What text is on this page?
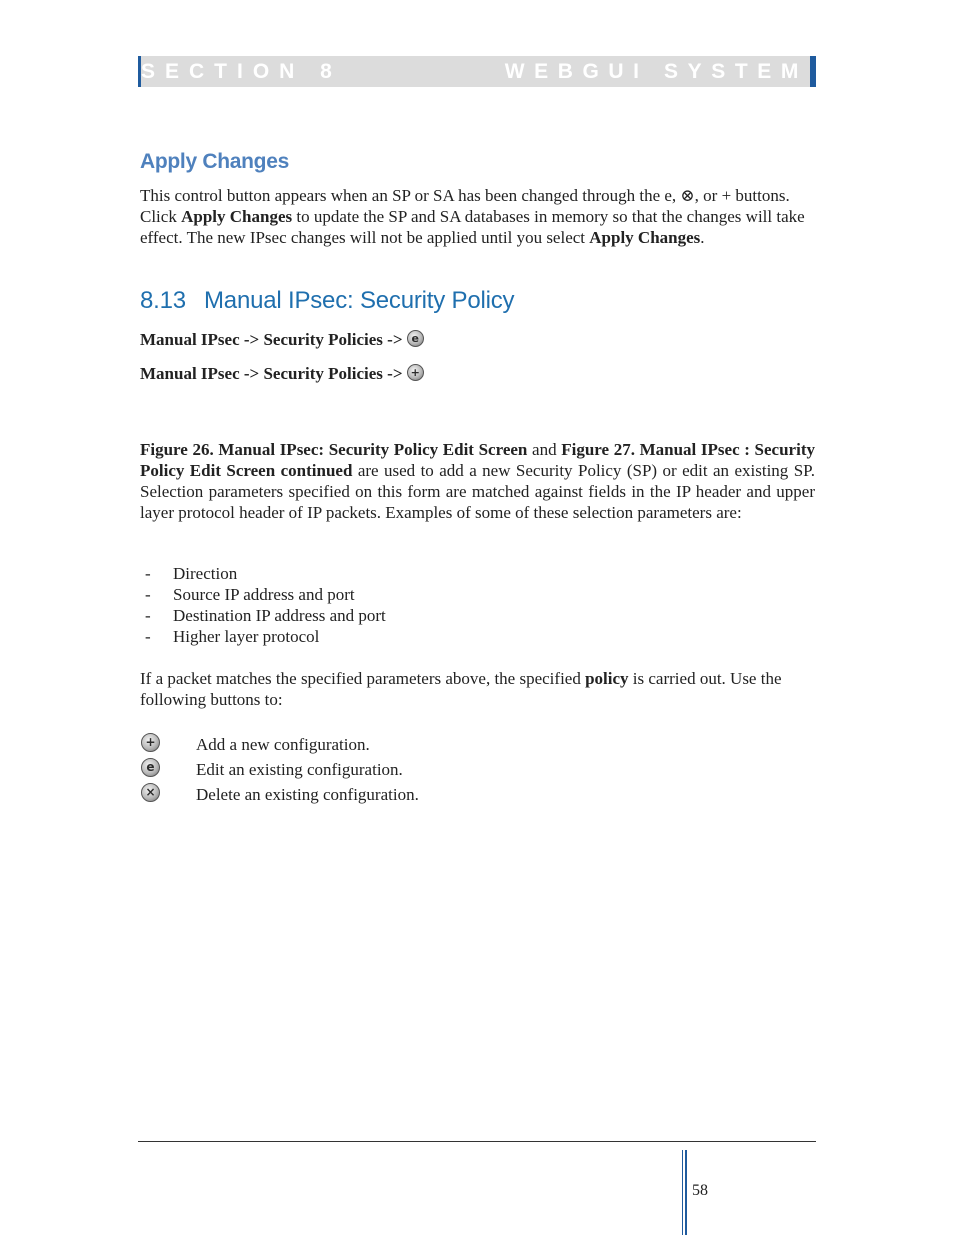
SECTION 8	WEBGUI SYSTEM
Apply Changes

This control button appears when an SP or SA has been changed through the e, ⊗, or + buttons. Click Apply Changes to update the SP and SA databases in memory so that the changes will take effect. The new IPsec changes will not be applied until you select Apply Changes.

8.13 Manual IPsec: Security Policy
Manual IPsec -> Security Policies -> e
Manual IPsec -> Security Policies -> +

Figure 26. Manual IPsec: Security Policy Edit Screen and Figure 27. Manual IPsec : Security Policy Edit Screen continued are used to add a new Security Policy (SP) or edit an existing SP. Selection parameters specified on this form are matched against fields in the IP header and upper layer protocol header of IP packets. Examples of some of these selection parameters are:

- Direction
- Source IP address and port
- Destination IP address and port
- Higher layer protocol

If a packet matches the specified parameters above, the specified policy is carried out. Use the following buttons to:

+
Add a new configuration.
e
Edit an existing configuration.
×
Delete an existing configuration.
58
